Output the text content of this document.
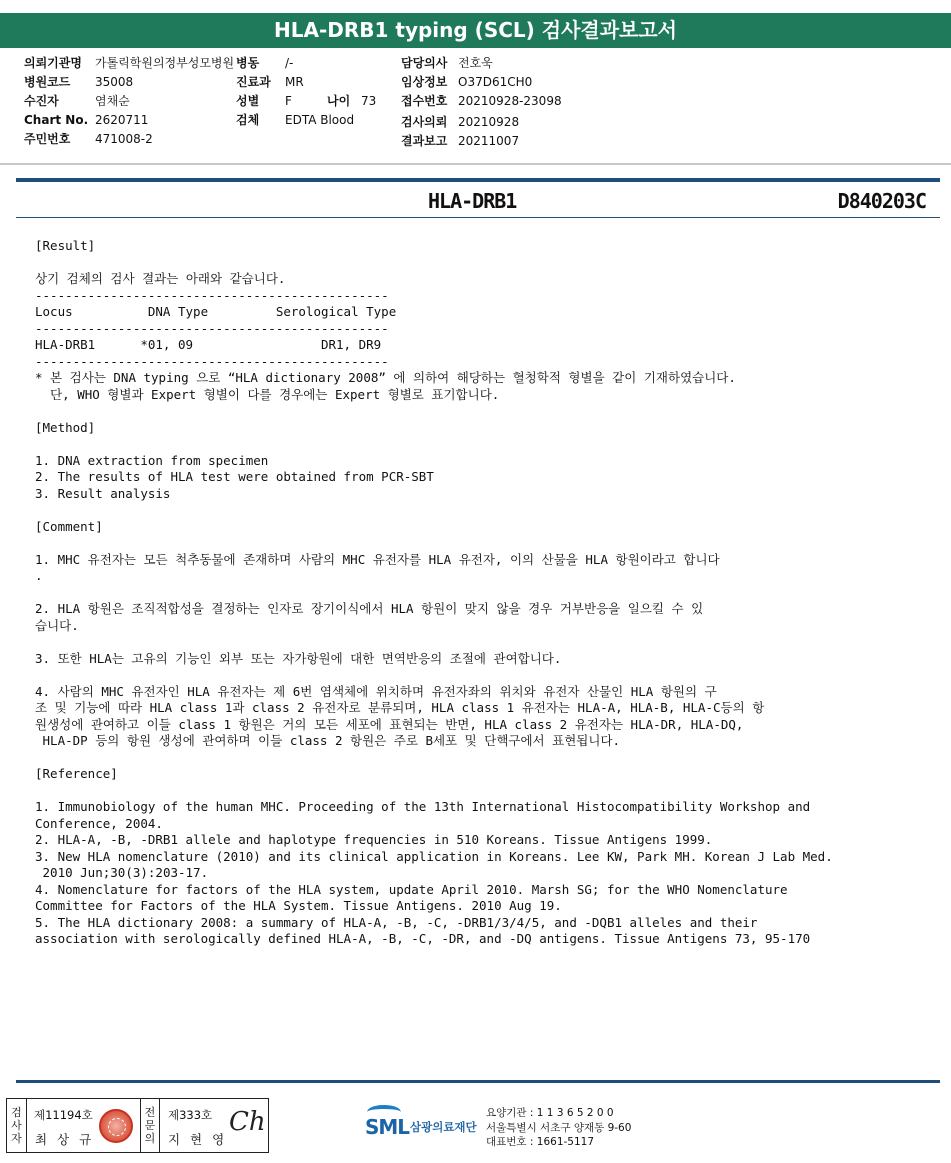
HLA-DRB1 typing (SCL) 검사결과보고서
의뢰기관명	가톨릭학원의정부성모병원
병원코드	35008
수진자	염채순
Chart No. 2620711
주민번호	471008-2
병동	/-
진료과	MR
성별	F	나이 73
검체	EDTA Blood
담당의사 전호욱
임상정보 O37D61CH0
접수번호 20210928-23098
검사의뢰 20210928
결과보고 20211007
HLA-DRB1	D840203C
[Result]
상기 검체의 검사 결과는 아래와 같습니다.
-----------------------------------------------
Locus          DNA Type         Serological Type
-----------------------------------------------
HLA-DRB1      *01, 09                 DR1, DR9
-----------------------------------------------
* 본 검사는 DNA typing 으로 “HLA dictionary 2008” 에 의하여 해당하는 혈청학적 형별을 같이 기재하였습니다.
단, WHO 형별과 Expert 형별이 다를 경우에는 Expert 형별로 표기합니다.
[Method]
1. DNA extraction from specimen
2. The results of HLA test were obtained from PCR-SBT
3. Result analysis
[Comment]
1. MHC 유전자는 모든 척추동물에 존재하며 사람의 MHC 유전자를 HLA 유전자, 이의 산물을 HLA 항원이라고 합니다
.
2. HLA 항원은 조직적합성을 결정하는 인자로 장기이식에서 HLA 항원이 맞지 않을 경우 거부반응을 일으킬 수 있
습니다.
3. 또한 HLA는 고유의 기능인 외부 또는 자가항원에 대한 면역반응의 조절에 관여합니다.
4. 사람의 MHC 유전자인 HLA 유전자는 제 6번 염색체에 위치하며 유전자좌의 위치와 유전자 산물인 HLA 항원의 구
조 및 기능에 따라 HLA class 1과 class 2 유전자로 분류되며, HLA class 1 유전자는 HLA-A, HLA-B, HLA-C등의 항
원생성에 관여하고 이들 class 1 항원은 거의 모든 세포에 표현되는 반면, HLA class 2 유전자는 HLA-DR, HLA-DQ,
HLA-DP 등의 항원 생성에 관여하며 이들 class 2 항원은 주로 B세포 및 단핵구에서 표현됩니다.
[Reference]
1. Immunobiology of the human MHC. Proceeding of the 13th International Histocompatibility Workshop and
Conference, 2004.
2. HLA-A, -B, -DRB1 allele and haplotype frequencies in 510 Koreans. Tissue Antigens 1999.
3. New HLA nomenclature (2010) and its clinical application in Koreans. Lee KW, Park MH. Korean J Lab Med.
2010 Jun;30(3):203-17.
4. Nomenclature for factors of the HLA system, update April 2010. Marsh SG; for the WHO Nomenclature
Committee for Factors of the HLA System. Tissue Antigens. 2010 Aug 19.
5. The HLA dictionary 2008: a summary of HLA-A, -B, -C, -DRB1/3/4/5, and -DQB1 alleles and their
association with serologically defined HLA-A, -B, -C, -DR, and -DQ antigens. Tissue Antigens 73, 95-170
검
사
자
제11194호
최 상 규
전
문
의
제333호
지 현 영
Ch	SML 삼광의료재단
요양기관 : 1 1 3 6 5 2 0 0
서울특별시 서초구 양재동 9-60
대표번호 : 1661-5117
